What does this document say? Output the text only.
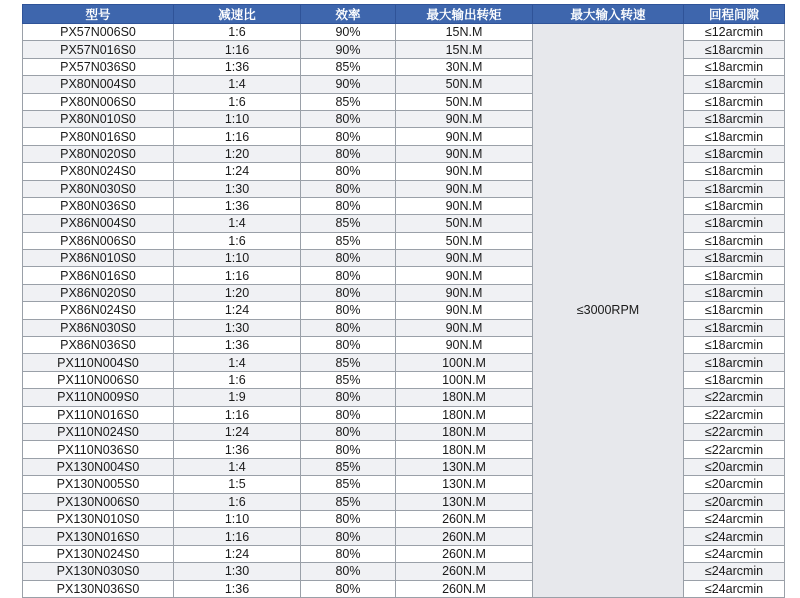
型号	减速比	效率	最大输出转矩	最大输入转速	回程间隙
PX57N006S0	1:6	90%	15N.M	≤3000RPM	≤12arcmin
PX57N016S0	1:16	90%	15N.M		≤18arcmin
PX57N036S0	1:36	85%	30N.M		≤18arcmin
PX80N004S0	1:4	90%	50N.M		≤18arcmin
PX80N006S0	1:6	85%	50N.M		≤18arcmin
PX80N010S0	1:10	80%	90N.M		≤18arcmin
PX80N016S0	1:16	80%	90N.M		≤18arcmin
PX80N020S0	1:20	80%	90N.M		≤18arcmin
PX80N024S0	1:24	80%	90N.M		≤18arcmin
PX80N030S0	1:30	80%	90N.M		≤18arcmin
PX80N036S0	1:36	80%	90N.M		≤18arcmin
PX86N004S0	1:4	85%	50N.M		≤18arcmin
PX86N006S0	1:6	85%	50N.M		≤18arcmin
PX86N010S0	1:10	80%	90N.M		≤18arcmin
PX86N016S0	1:16	80%	90N.M		≤18arcmin
PX86N020S0	1:20	80%	90N.M		≤18arcmin
PX86N024S0	1:24	80%	90N.M		≤18arcmin
PX86N030S0	1:30	80%	90N.M		≤18arcmin
PX86N036S0	1:36	80%	90N.M		≤18arcmin
PX110N004S0	1:4	85%	100N.M		≤18arcmin
PX110N006S0	1:6	85%	100N.M		≤18arcmin
PX110N009S0	1:9	80%	180N.M		≤22arcmin
PX110N016S0	1:16	80%	180N.M		≤22arcmin
PX110N024S0	1:24	80%	180N.M		≤22arcmin
PX110N036S0	1:36	80%	180N.M		≤22arcmin
PX130N004S0	1:4	85%	130N.M		≤20arcmin
PX130N005S0	1:5	85%	130N.M		≤20arcmin
PX130N006S0	1:6	85%	130N.M		≤20arcmin
PX130N010S0	1:10	80%	260N.M		≤24arcmin
PX130N016S0	1:16	80%	260N.M		≤24arcmin
PX130N024S0	1:24	80%	260N.M		≤24arcmin
PX130N030S0	1:30	80%	260N.M		≤24arcmin
PX130N036S0	1:36	80%	260N.M		≤24arcmin
